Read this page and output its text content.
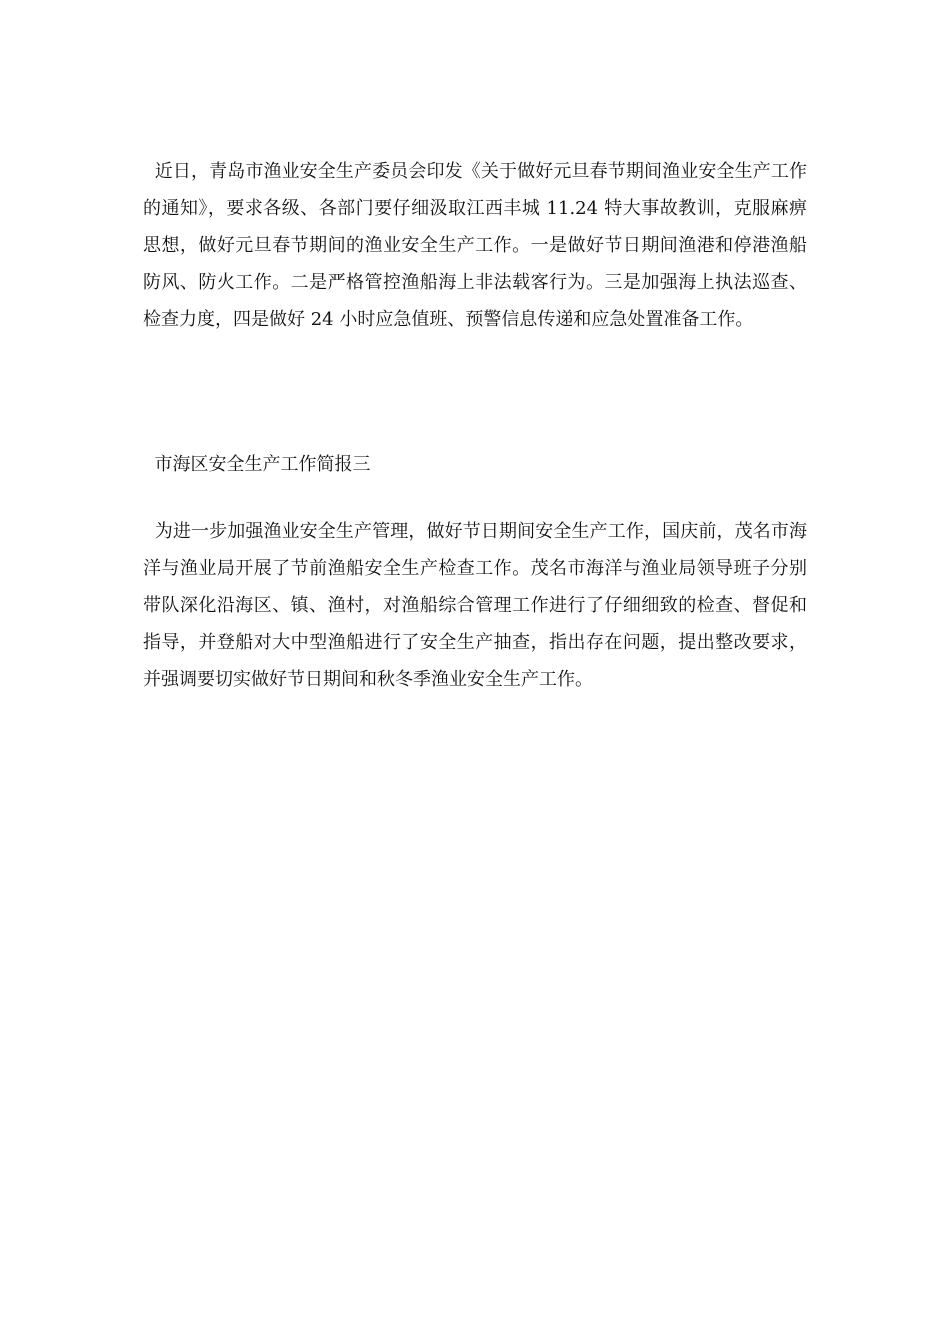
近日，青岛市渔业安全生产委员会印发《关于做好元旦春节期间渔业安全生产工作的通知》，要求各级、各部门要仔细汲取江西丰城 11.24 特大事故教训，克服麻痹思想，做好元旦春节期间的渔业安全生产工作。一是做好节日期间渔港和停港渔船防风、防火工作。二是严格管控渔船海上非法载客行为。三是加强海上执法巡查、检查力度，四是做好 24 小时应急值班、预警信息传递和应急处置准备工作。

市海区安全生产工作简报三

为进一步加强渔业安全生产管理，做好节日期间安全生产工作，国庆前，茂名市海洋与渔业局开展了节前渔船安全生产检查工作。茂名市海洋与渔业局领导班子分别带队深化沿海区、镇、渔村，对渔船综合管理工作进行了仔细细致的检查、督促和指导，并登船对大中型渔船进行了安全生产抽查，指出存在问题，提出整改要求，并强调要切实做好节日期间和秋冬季渔业安全生产工作。
